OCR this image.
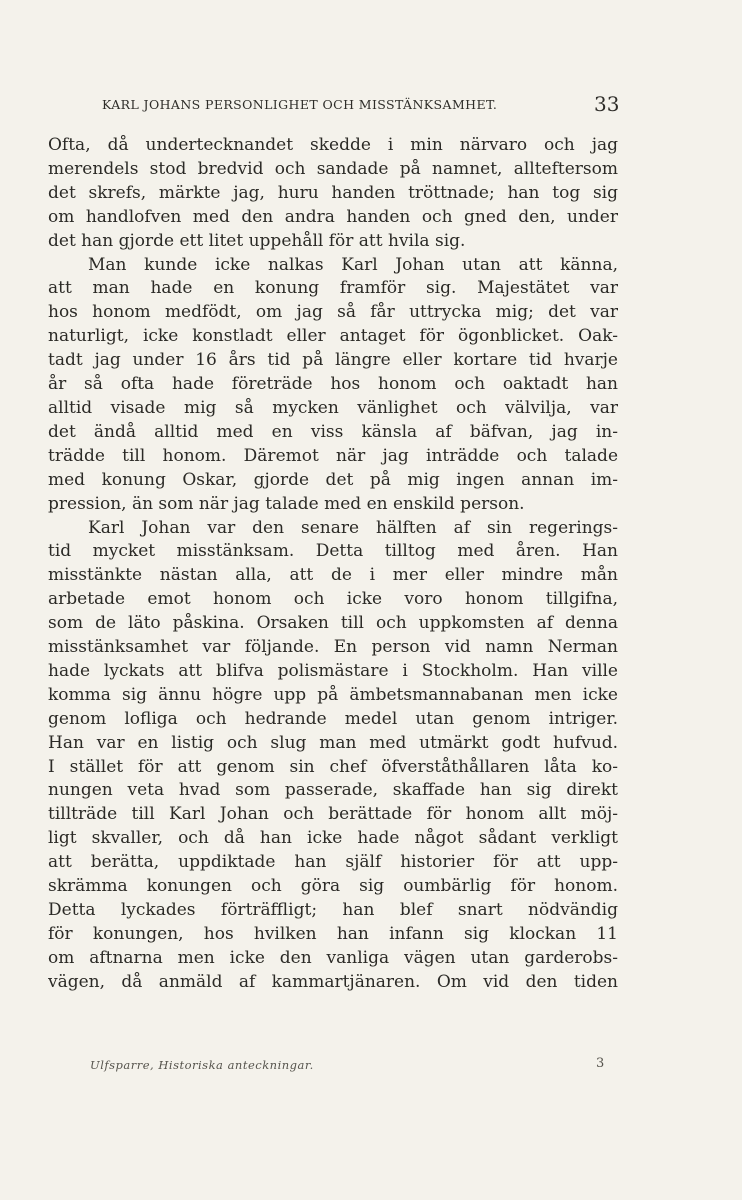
KARL JOHANS PERSONLIGHET OCH MISSTÄNKSAMHET.	33
Ofta, då undertecknandet skedde i min närvaro och jag
merendels stod bredvid och sandade på namnet, allteftersom
det skrefs, märkte jag, huru handen tröttnade; han tog sig
om handlofven med den andra handen och gned den, under
det han gjorde ett litet uppehåll för att hvila sig.
Man kunde icke nalkas Karl Johan utan att känna,
att man hade en konung framför sig. Majestätet var
hos honom medfödt, om jag så får uttrycka mig; det var
naturligt, icke konstladt eller antaget för ögonblicket. Oak-
tadt jag under 16 års tid på längre eller kortare tid hvarje
år så ofta hade företräde hos honom och oaktadt han
alltid visade mig så mycken vänlighet och välvilja, var
det ändå alltid med en viss känsla af bäfvan, jag in-
trädde till honom. Däremot när jag inträdde och talade
med konung Oskar, gjorde det på mig ingen annan im-
pression, än som när jag talade med en enskild person.
Karl Johan var den senare hälften af sin regerings-
tid mycket misstänksam. Detta tilltog med åren. Han
misstänkte nästan alla, att de i mer eller mindre mån
arbetade emot honom och icke voro honom tillgifna,
som de läto påskina. Orsaken till och uppkomsten af denna
misstänksamhet var följande. En person vid namn Nerman
hade lyckats att blifva polismästare i Stockholm. Han ville
komma sig ännu högre upp på ämbetsmannabanan men icke
genom lofliga och hedrande medel utan genom intriger.
Han var en listig och slug man med utmärkt godt hufvud.
I stället för att genom sin chef öfverståthållaren låta ko-
nungen veta hvad som passerade, skaffade han sig direkt
tillträde till Karl Johan och berättade för honom allt möj-
ligt skvaller, och då han icke hade något sådant verkligt
att berätta, uppdiktade han själf historier för att upp-
skrämma konungen och göra sig oumbärlig för honom.
Detta lyckades förträffligt; han blef snart nödvändig
för konungen, hos hvilken han infann sig klockan 11
om aftnarna men icke den vanliga vägen utan garderobs-
vägen, då anmäld af kammartjänaren. Om vid den tiden
Ulfsparre, Historiska anteckningar.	3
